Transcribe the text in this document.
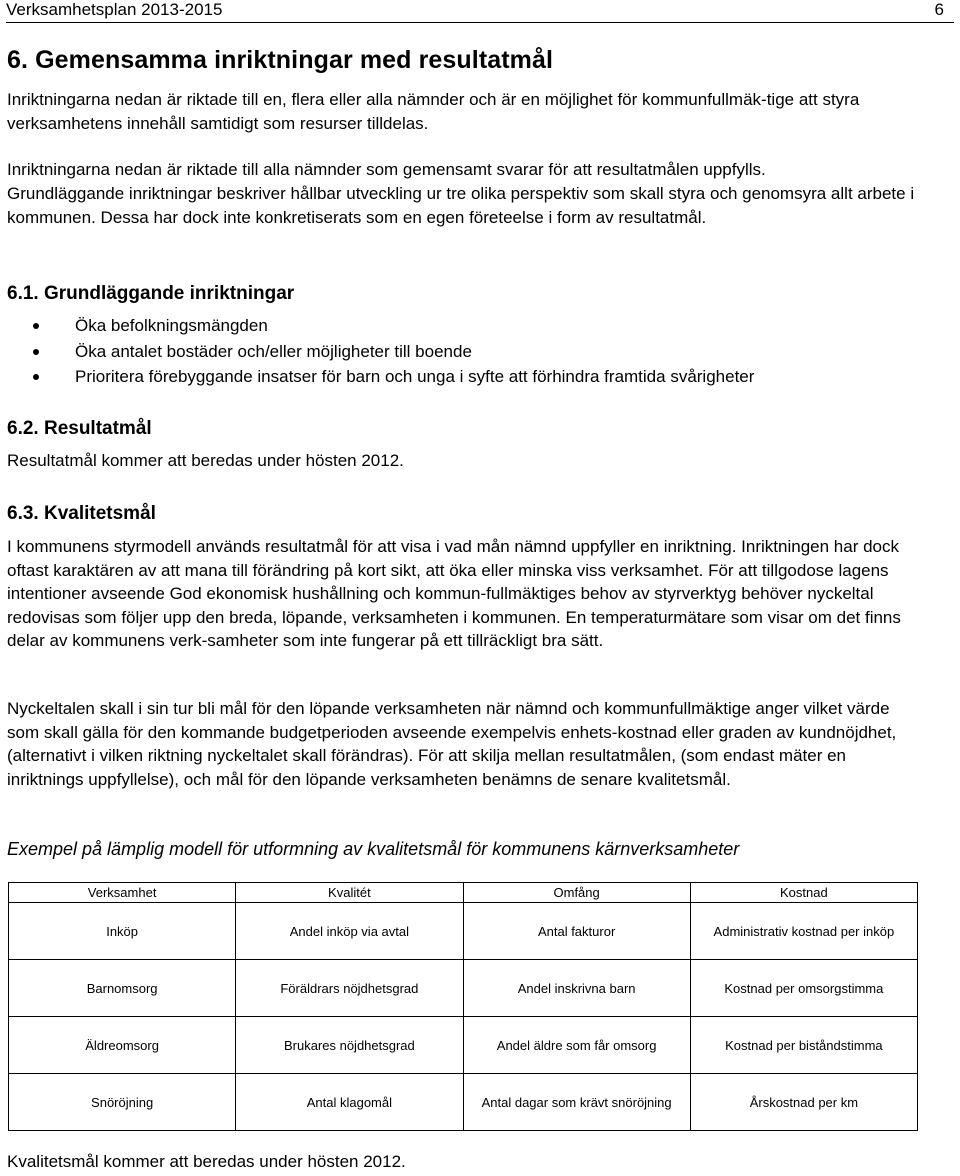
Verksamhetsplan 2013-2015	6
6. Gemensamma inriktningar med resultatmål

Inriktningarna nedan är riktade till en, flera eller alla nämnder och är en möjlighet för kommunfullmäk-tige att styra verksamhetens innehåll samtidigt som resurser tilldelas.

Inriktningarna nedan är riktade till alla nämnder som gemensamt svarar för att resultatmålen uppfylls.

Grundläggande inriktningar beskriver hållbar utveckling ur tre olika perspektiv som skall styra och genomsyra allt arbete i kommunen. Dessa har dock inte konkretiserats som en egen företeelse i form av resultatmål.

6.1. Grundläggande inriktningar
Öka befolkningsmängden
Öka antalet bostäder och/eller möjligheter till boende
Prioritera förebyggande insatser för barn och unga i syfte att förhindra framtida svårigheter
6.2. Resultatmål

Resultatmål kommer att beredas under hösten 2012.

6.3. Kvalitetsmål

I kommunens styrmodell används resultatmål för att visa i vad mån nämnd uppfyller en inriktning. Inriktningen har dock oftast karaktären av att mana till förändring på kort sikt, att öka eller minska viss verksamhet. För att tillgodose lagens intentioner avseende God ekonomisk hushållning och kommun-fullmäktiges behov av styrverktyg behöver nyckeltal redovisas som följer upp den breda, löpande, verksamheten i kommunen. En temperaturmätare som visar om det finns delar av kommunens verk-samheter som inte fungerar på ett tillräckligt bra sätt.

Nyckeltalen skall i sin tur bli mål för den löpande verksamheten när nämnd och kommunfullmäktige anger vilket värde som skall gälla för den kommande budgetperioden avseende exempelvis enhets-kostnad eller graden av kundnöjdhet, (alternativt i vilken riktning nyckeltalet skall förändras). För att skilja mellan resultatmålen, (som endast mäter en inriktnings uppfyllelse), och mål för den löpande verksamheten benämns de senare kvalitetsmål.

Exempel på lämplig modell för utformning av kvalitetsmål för kommunens kärnverksamheter
Verksamhet	Kvalitét	Omfång	Kostnad
Inköp	Andel inköp via avtal	Antal fakturor	Administrativ kostnad per inköp
Barnomsorg	Föräldrars nöjdhetsgrad	Andel inskrivna barn	Kostnad per omsorgstimma
Äldreomsorg	Brukares nöjdhetsgrad	Andel äldre som får omsorg	Kostnad per biståndstimma
Snöröjning	Antal klagomål	Antal dagar som krävt snöröjning	Årskostnad per km
Kvalitetsmål kommer att beredas under hösten 2012.
